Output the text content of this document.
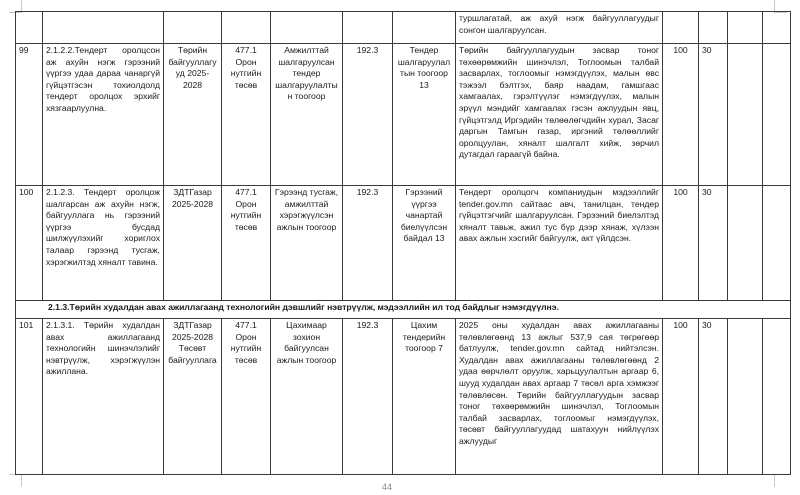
							туршлагатай, аж ахуй нэгж байгууллагуудыг сонгон шалгаруулсан.				
99	2.1.2.2.Тендерт оролцсон аж ахуйн нэгж гэрээний үүргээ удаа дараа чанаргүй гүйцэтгэсэн тохиолдолд тендерт оролцох эрхийг хязгаарлуулна.	Төрийн байгууллагууд 2025-2028	477.1 Орон нутгийн төсөв	Амжилттай шалгаруулсан тендер шалгаруулалтын тоогоор	192.3	Тендер шалгаруулалтын тоогоор 13	Төрийн байгууллагуудын засвар тоног төхөөрөмжийн шинэчлэл, Тоглоомын талбай засварлах, тоглоомыг нэмэгдүүлэх, малын өвс тэжээл бэлтгэх, баяр наадам, гамшгаас хамгаалах, гэрэлтүүлэг нэмэгдүүлэх, малын эрүүл мэндийг хамгаалах гэсэн ажлуудын явц, гүйцэтгэлд Иргэдийн төлөөлөгчдийн хурал, Засаг даргын Тамгын газар, иргэний төлөөллийг оролцуулан, хяналт шалгалт хийж, зөрчил дутагдал гараагүй байна.	100	30		
100	2.1.2.3. Тендерт оролцож шалгарсан аж ахуйн нэгж, байгууллага нь гэрээний үүргээ бусдад шилжүүлэхийг хориглох талаар гэрээнд тусгаж, хэрэгжилтэд хяналт тавина.	ЗДТГазар 2025-2028	477.1 Орон нутгийн төсөв	Гэрээнд тусгаж, амжилттай хэрэгжүүлсэн ажлын тоогоор	192.3	Гэрээний үүргээ чанартай биелүүлсэн байдал 13	Тендерт оролцогч компаниудын мэдээллийг tender.gov.mn сайтаас авч, танилцан, тендер гүйцэтгэгчийг шалгаруулсан. Гэрээний биелэлтэд хяналт тавьж, ажил тус бүр дээр хянаж, хүлээн авах ажлын хэсгийг байгуулж, акт үйлдсэн.	100	30		
2.1.3.Төрийн худалдан авах ажиллагаанд технологийн дэвшлийг нэвтрүүлж, мэдээллийн ил тод байдлыг нэмэгдүүлнэ.											
101	2.1.3.1. Төрийн худалдан авах ажиллагаанд технологийн шинэчлэлийг нэвтрүүлж, хэрэгжүүлэн ажиллана.	ЗДТГазар 2025-2028 Төсөвт байгууллага	477.1 Орон нутгийн төсөв	Цахимаар зохион байгуулсан ажлын тоогоор	192.3	Цахим тендерийн тоогоор 7	2025 оны худалдан авах ажиллагааны төлөвлөгөөнд 13 ажлыг 537,9 сая төгрөгөөр батлуулж, tender.gov.mn сайтад нийтэлсэн. Худалдан авах ажиллагааны төлөвлөгөөнд 2 удаа өөрчлөлт оруулж, харьцуулалтын аргаар 6, шууд худалдан авах аргаар 7 төсөл арга хэмжээг төлөвлөсөн. Төрийн байгууллагуудын засвар тоног төхөөрөмжийн шинэчлэл, Тоглоомын талбай засварлах, тоглоомыг нэмэгдүүлэх, төсөвт байгууллагуудад шатахуун нийлүүлэх ажлуудыг	100	30		
44
